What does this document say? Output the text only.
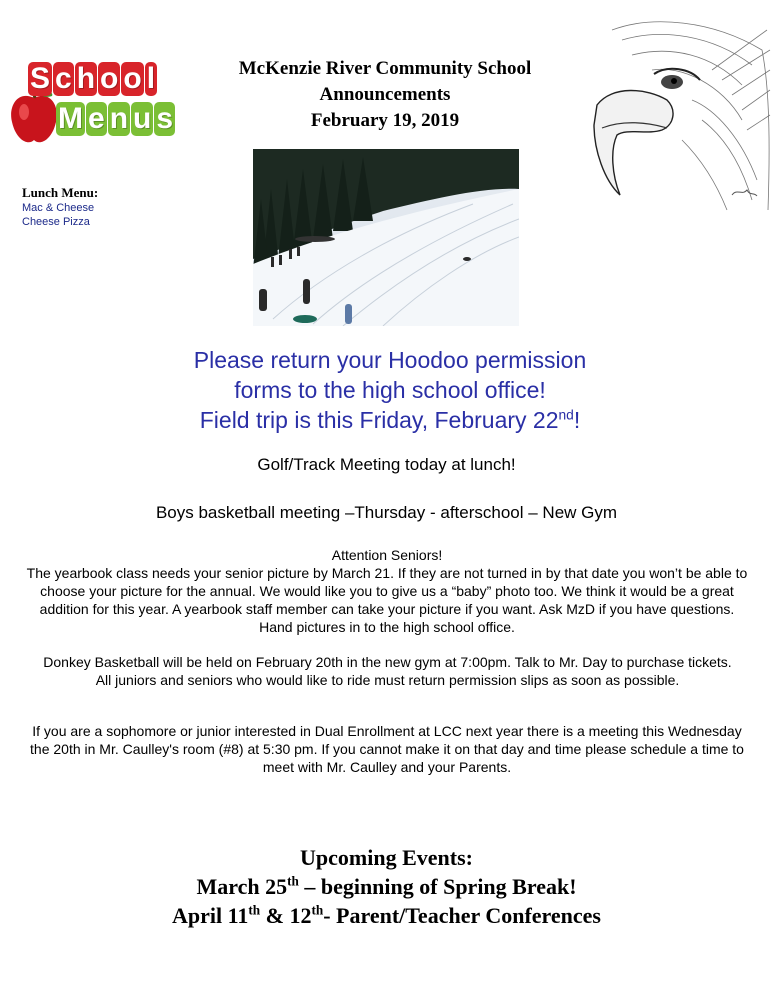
S c h o o l
M e n u s
McKenzie River Community School
Announcements
February 19, 2019
Lunch Menu:
Mac & Cheese
Cheese Pizza
Please return your Hoodoo permission
forms to the high school office!
Field trip is this Friday, February 22nd!
Golf/Track Meeting today at lunch!
Boys basketball meeting –Thursday - afterschool – New Gym
Attention Seniors!
The yearbook class needs your senior picture by March 21. If they are not turned in by that date you won’t be able to choose your picture for the annual. We would like you to give us a “baby” photo too. We think it would be a great addition for this year. A yearbook staff member can take your picture if you want. Ask MzD if you have questions. Hand pictures in to the high school office.
Donkey Basketball will be held on February 20th in the new gym at 7:00pm. Talk to Mr. Day to purchase tickets. All juniors and seniors who would like to ride must return permission slips as soon as possible.
If you are a sophomore or junior interested in Dual Enrollment at LCC next year there is a meeting this Wednesday the 20th in Mr. Caulley's room (#8) at 5:30 pm. If you cannot make it on that day and time please schedule a time to meet with Mr. Caulley and your Parents.
Upcoming Events:
March 25th – beginning of Spring Break!
April 11th & 12th- Parent/Teacher Conferences
